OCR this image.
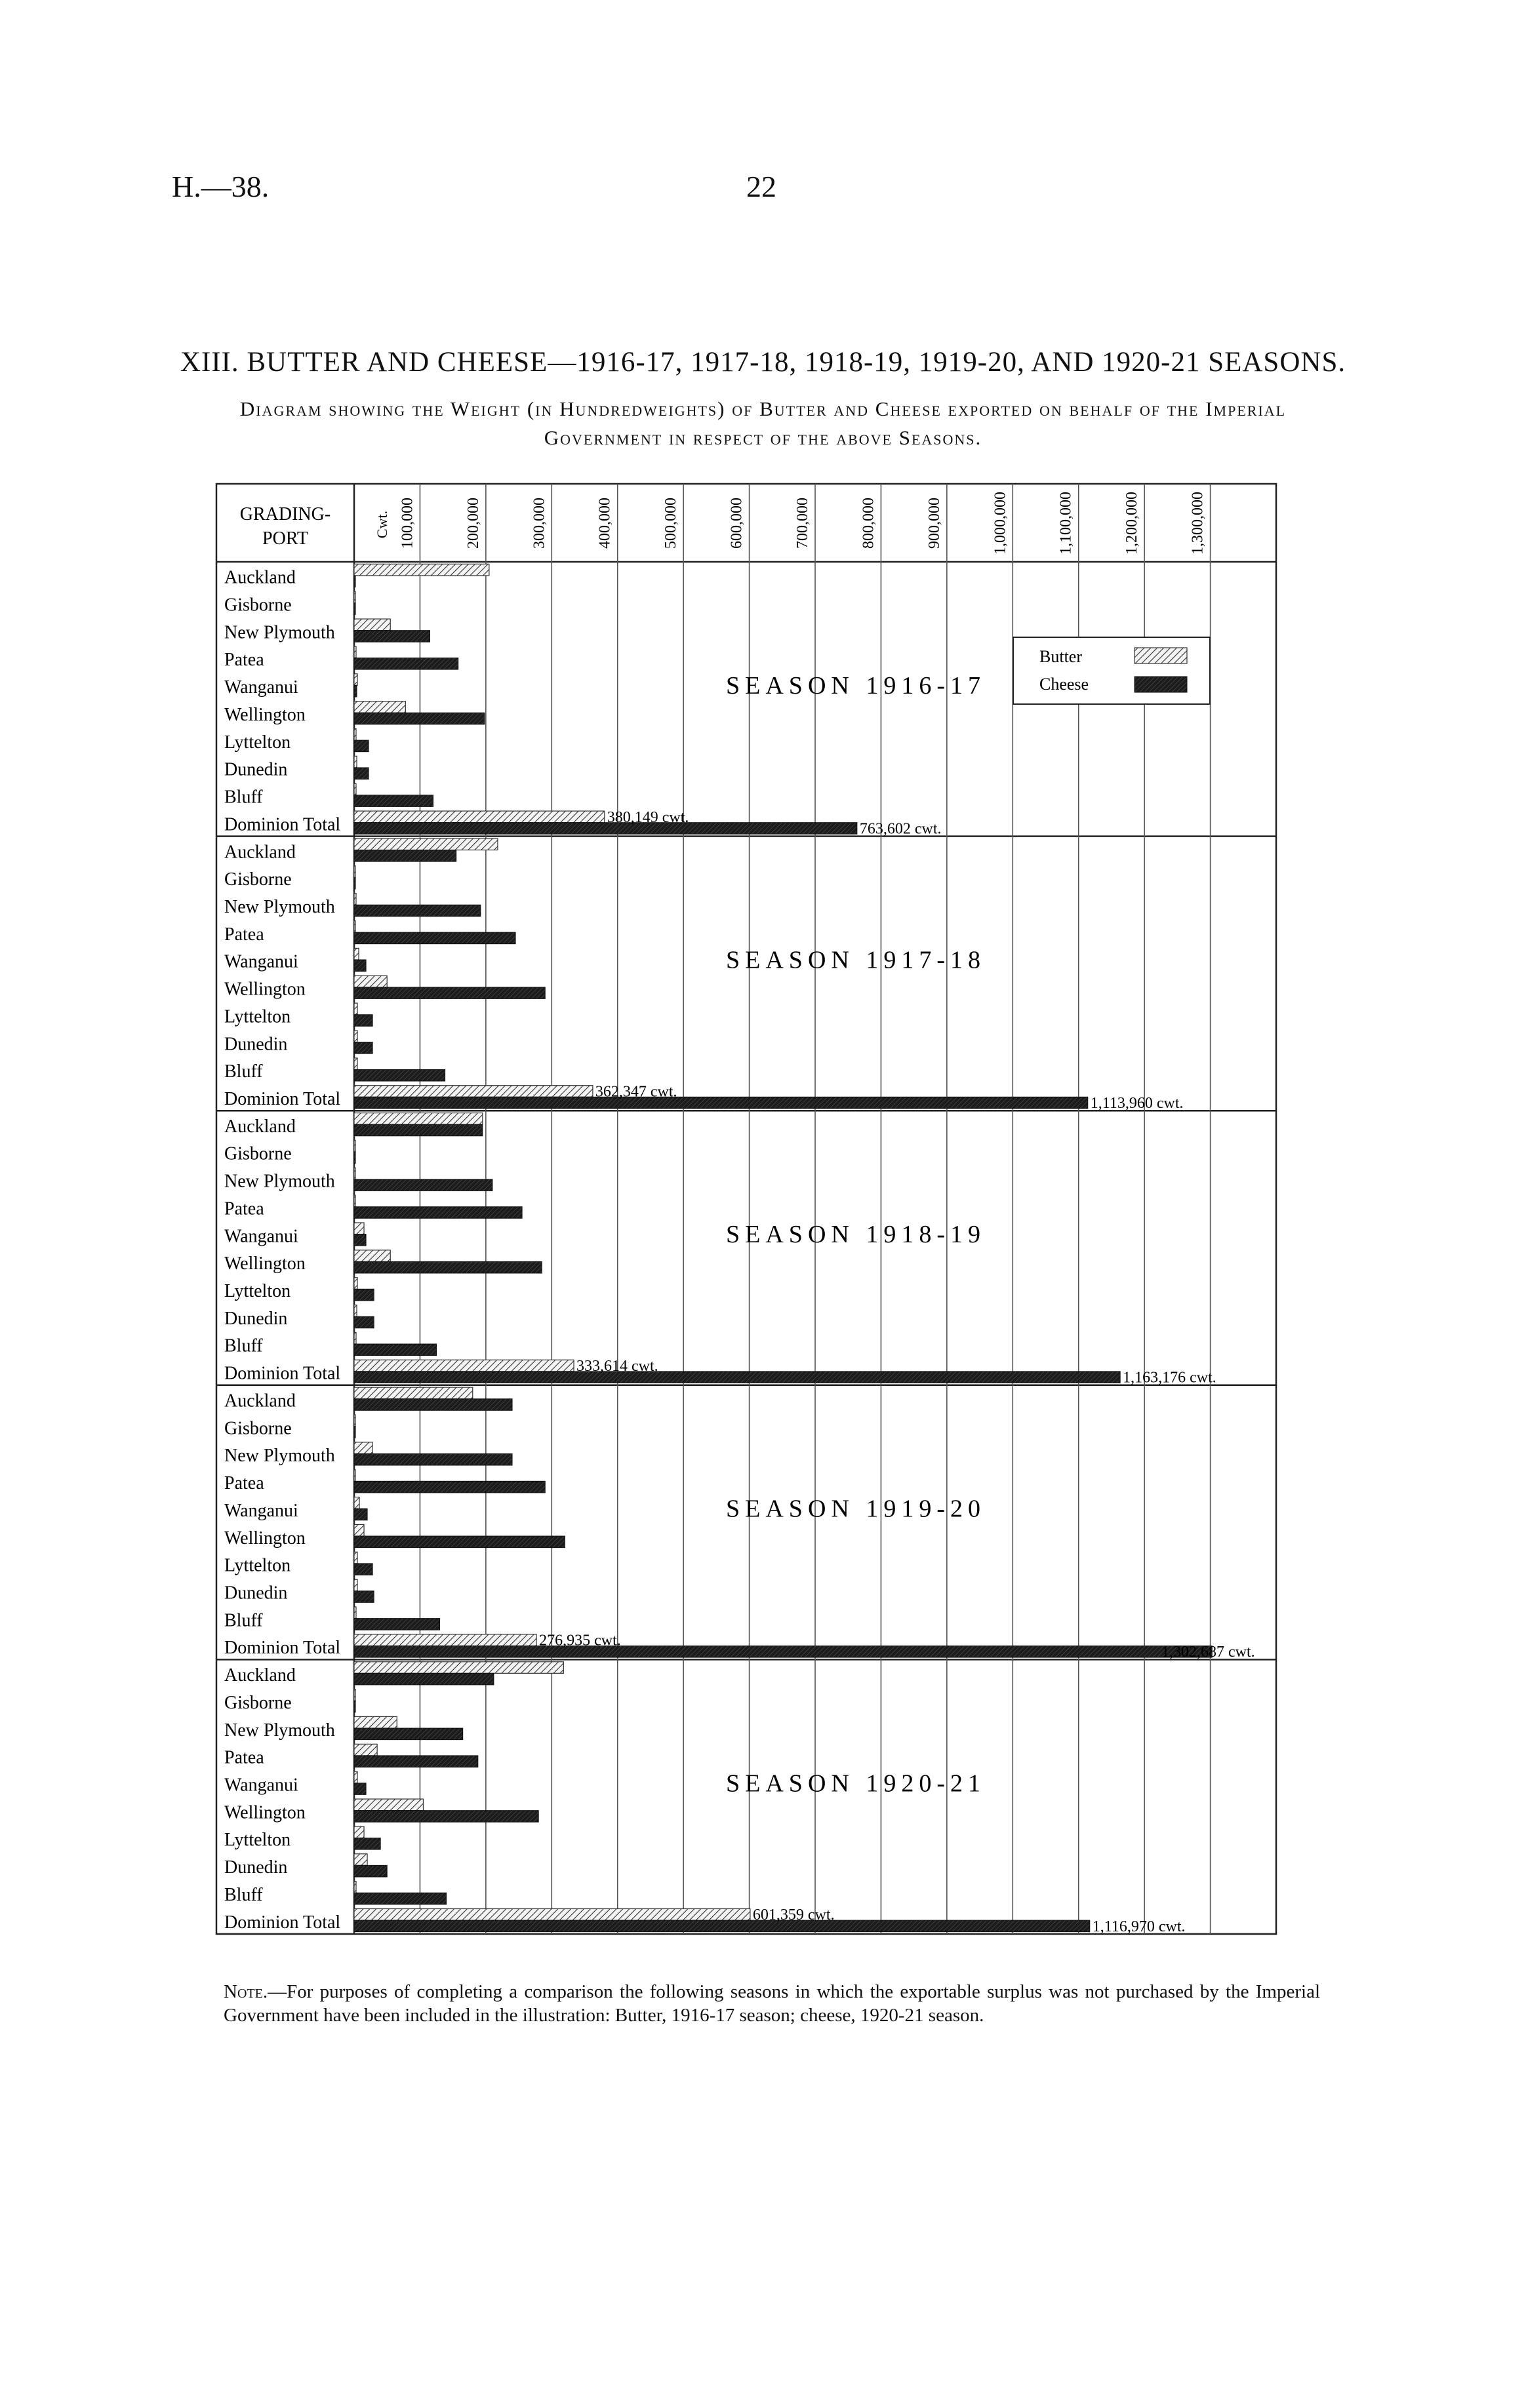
H.—38.	22
XIII. BUTTER AND CHEESE—1916-17, 1917-18, 1918-19, 1919-20, AND 1920-21 SEASONS.
Diagram showing the Weight (in Hundredweights) of Butter and Cheese exported on behalf of the Imperial Government in respect of the above Seasons.
GRADING-
PORT
Cwt. 100,000	200,000	300,000	400,000	500,000	600,000	700,000	800,000	900,000	1,000,000	1,100,000	1,200,000	1,300,000
SEASON 1916-17
Auckland
Gisborne
New Plymouth
Patea
Wanganui
Wellington
Lyttelton
Dunedin
Bluff
Dominion Total	380,149 cwt.
763,602 cwt.
SEASON 1917-18
Auckland
Gisborne
New Plymouth
Patea
Wanganui
Wellington
Lyttelton
Dunedin
Bluff
Dominion Total	362,347 cwt.
1,113,960 cwt.
SEASON 1918-19
Auckland
Gisborne
New Plymouth
Patea
Wanganui
Wellington
Lyttelton
Dunedin
Bluff
Dominion Total	333,614 cwt.
1,163,176 cwt.
SEASON 1919-20
Auckland
Gisborne
New Plymouth
Patea
Wanganui
Wellington
Lyttelton
Dunedin
Bluff
Dominion Total	276,935 cwt.
1,302,687 cwt.
SEASON 1920-21
Auckland
Gisborne
New Plymouth
Patea
Wanganui
Wellington
Lyttelton
Dunedin
Bluff
Dominion Total	601,359 cwt.
1,116,970 cwt.
Butter
Cheese
Note.—For purposes of completing a comparison the following seasons in which the exportable surplus was not purchased by the Imperial Government have been included in the illustration: Butter, 1916-17 season; cheese, 1920-21 season.
